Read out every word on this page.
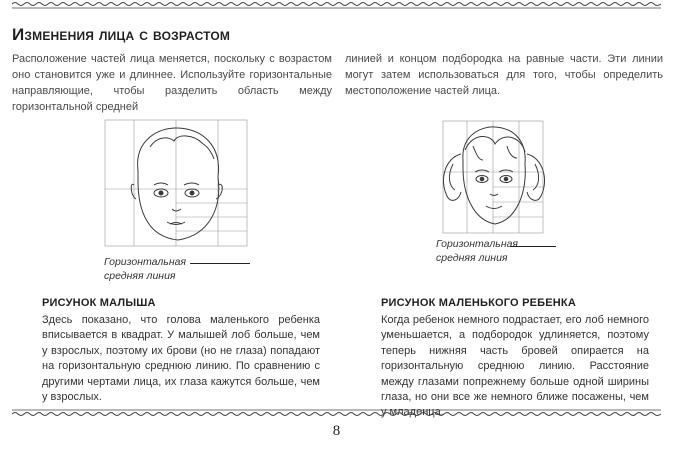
Изменения лица с возрастом

Расположение частей лица меняется, поскольку с возрастом оно становится уже и длиннее. Используйте горизонтальные направляющие, чтобы разделить область между горизонтальной средней

линией и концом подбородка на равные части. Эти линии могут затем использоваться для того, чтобы определить местоположение частей лица.

Горизонтальная
средняя линия
Горизонтальная
средняя линия
РИСУНОК МАЛЫША

Здесь показано, что голова маленького ребенка вписывается в квадрат. У малышей лоб больше, чем у взрослых, поэтому их брови (но не глаза) попадают на горизонтальную среднюю линию. По сравнению с другими чертами лица, их глаза кажутся больше, чем у взрослых.

РИСУНОК МАЛЕНЬКОГО РЕБЕНКА

Когда ребенок немного подрастает, его лоб немного уменьшается, а подбородок удлиняется, поэтому теперь нижняя часть бровей опирается на горизонтальную среднюю линию. Расстояние между глазами попрежнему больше одной ширины глаза, но они все же немного ближе посажены, чем у младенца.

8
